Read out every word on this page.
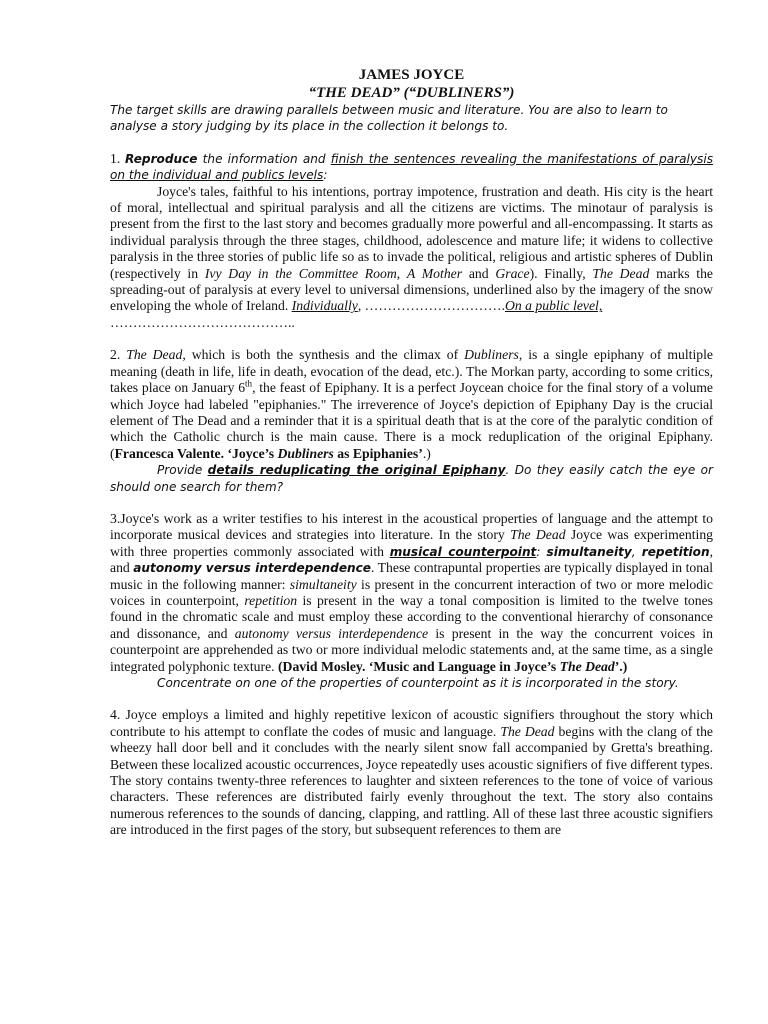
JAMES JOYCE
“THE DEAD” (“DUBLINERS”)

The target skills are drawing parallels between music and literature. You are also to learn to analyse a story judging by its place in the collection it belongs to.

1. Reproduce the information and finish the sentences revealing the manifestations of paralysis on the individual and publics levels:

Joyce's tales, faithful to his intentions, portray impotence, frustration and death. His city is the heart of moral, intellectual and spiritual paralysis and all the citizens are victims. The minotaur of paralysis is present from the first to the last story and becomes gradually more powerful and all-encompassing. It starts as individual paralysis through the three stages, childhood, adolescence and mature life; it widens to collective paralysis in the three stories of public life so as to invade the political, religious and artistic spheres of Dublin (respectively in Ivy Day in the Committee Room, A Mother and Grace). Finally, The Dead marks the spreading-out of paralysis at every level to universal dimensions, underlined also by the imagery of the snow enveloping the whole of Ireland. Individually, ………………………….On a public level,
…………………………………..

2. The Dead, which is both the synthesis and the climax of Dubliners, is a single epiphany of multiple meaning (death in life, life in death, evocation of the dead, etc.). The Morkan party, according to some critics, takes place on January 6th, the feast of Epiphany. It is a perfect Joycean choice for the final story of a volume which Joyce had labeled "epiphanies." The irreverence of Joyce's depiction of Epiphany Day is the crucial element of The Dead and a reminder that it is a spiritual death that is at the core of the paralytic condition of which the Catholic church is the main cause. There is a mock reduplication of the original Epiphany. (Francesca Valente. ‘Joyce’s Dubliners as Epiphanies’.)

Provide details reduplicating the original Epiphany. Do they easily catch the eye or should one search for them?

3.Joyce's work as a writer testifies to his interest in the acoustical properties of language and the attempt to incorporate musical devices and strategies into literature. In the story The Dead Joyce was experimenting with three properties commonly associated with musical counterpoint: simultaneity, repetition, and autonomy versus interdependence. These contrapuntal properties are typically displayed in tonal music in the following manner: simultaneity is present in the concurrent interaction of two or more melodic voices in counterpoint, repetition is present in the way a tonal composition is limited to the twelve tones found in the chromatic scale and must employ these according to the conventional hierarchy of consonance and dissonance, and autonomy versus interdependence is present in the way the concurrent voices in counterpoint are apprehended as two or more individual melodic statements and, at the same time, as a single integrated polyphonic texture. (David Mosley. ‘Music and Language in Joyce’s The Dead’.)

Concentrate on one of the properties of counterpoint as it is incorporated in the story.

4. Joyce employs a limited and highly repetitive lexicon of acoustic signifiers throughout the story which contribute to his attempt to conflate the codes of music and language. The Dead begins with the clang of the wheezy hall door bell and it concludes with the nearly silent snow fall accompanied by Gretta's breathing. Between these localized acoustic occurrences, Joyce repeatedly uses acoustic signifiers of five different types. The story contains twenty-three references to laughter and sixteen references to the tone of voice of various characters. These references are distributed fairly evenly throughout the text. The story also contains numerous references to the sounds of dancing, clapping, and rattling. All of these last three acoustic signifiers are introduced in the first pages of the story, but subsequent references to them are
